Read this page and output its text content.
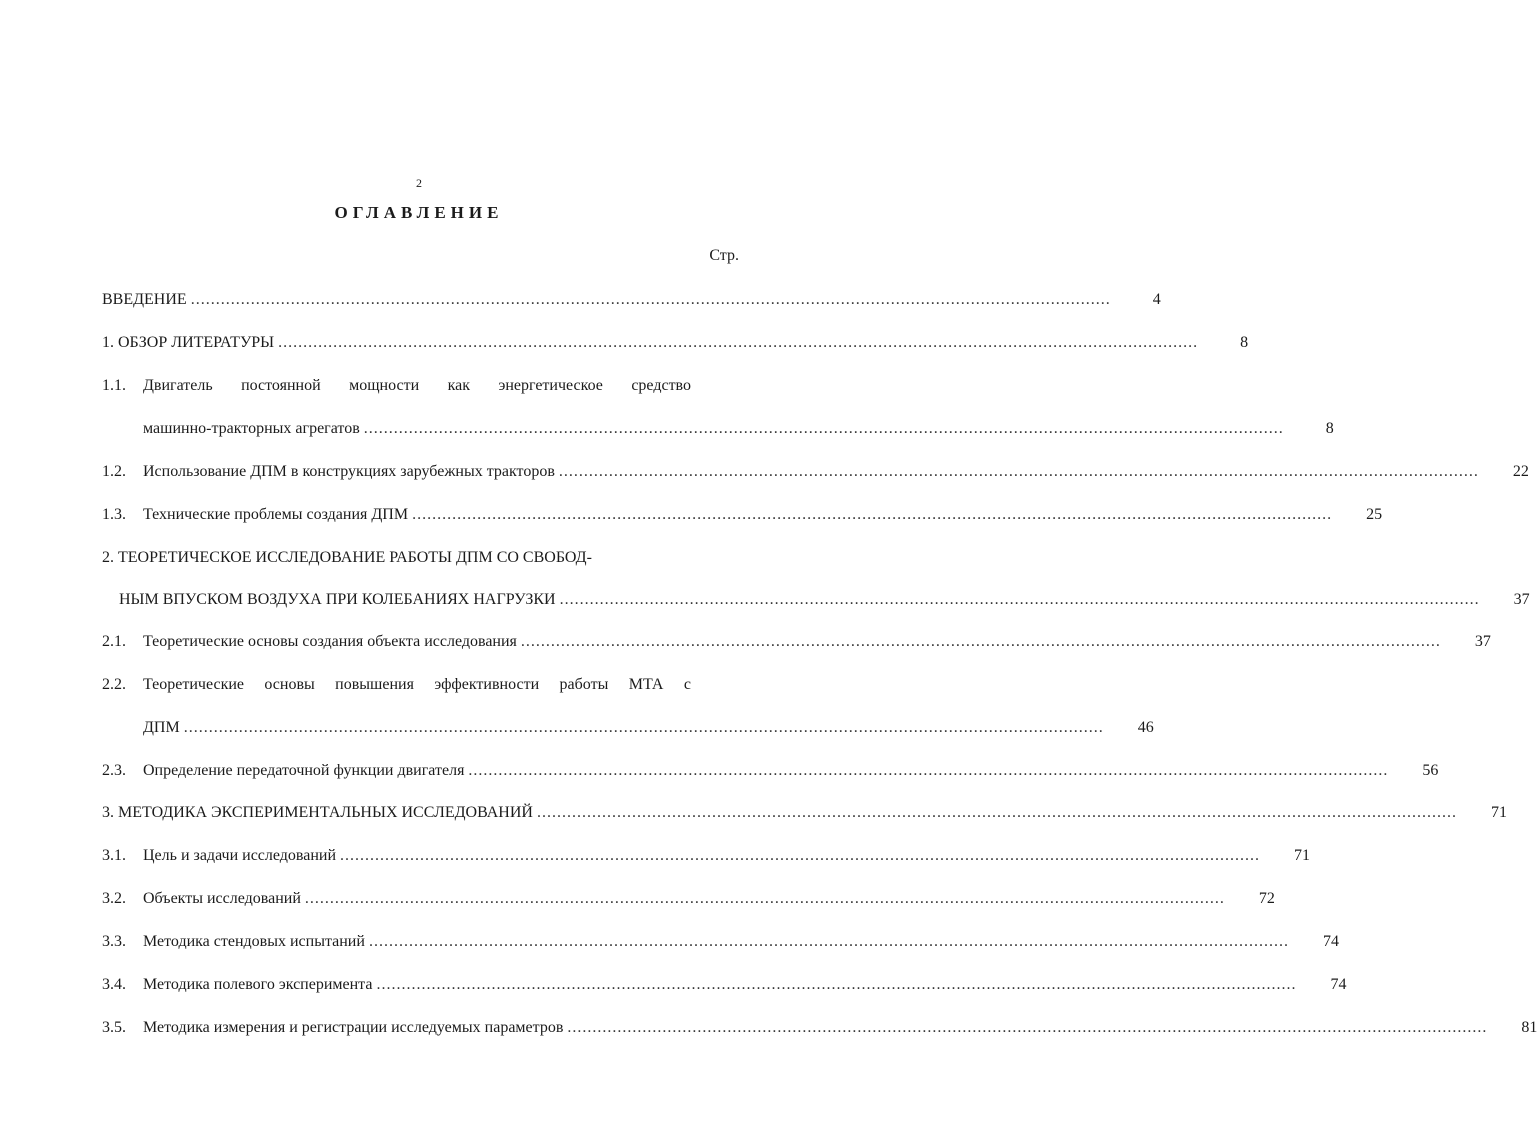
2
ОГЛАВЛЕНИЕ
Стр.
ВВЕДЕНИЕ ........................................................................................................................................................................................	4
1. ОБЗОР ЛИТЕРАТУРЫ ........................................................................................................................................................................................	8
1.1. Двигатель постоянной мощности как энергетическое средство
машинно-тракторных агрегатов ........................................................................................................................................................................................	8
1.2.	Использование ДПМ в конструкциях зарубежных тракторов ........................................................................................................................................................................................ 22
1.3.	Технические проблемы создания ДПМ ........................................................................................................................................................................................ 25
2. ТЕОРЕТИЧЕСКОЕ ИССЛЕДОВАНИЕ РАБОТЫ ДПМ СО СВОБОД-
НЫМ ВПУСКОМ ВОЗДУХА ПРИ КОЛЕБАНИЯХ НАГРУЗКИ ........................................................................................................................................................................................ 37
2.1.	Теоретические основы создания объекта исследования ........................................................................................................................................................................................ 37
2.2. Теоретические основы повышения эффективности работы МТА с
ДПМ ........................................................................................................................................................................................ 46
2.3.	Определение передаточной функции двигателя ........................................................................................................................................................................................ 56
3. МЕТОДИКА ЭКСПЕРИМЕНТАЛЬНЫХ ИССЛЕДОВАНИЙ ........................................................................................................................................................................................ 71
3.1.	Цель и задачи исследований ........................................................................................................................................................................................ 71
3.2.	Объекты исследований ........................................................................................................................................................................................ 72
3.3.	Методика стендовых испытаний ........................................................................................................................................................................................ 74
3.4.	Методика полевого эксперимента ........................................................................................................................................................................................ 74
3.5.	Методика измерения и регистрации исследуемых параметров ........................................................................................................................................................................................ 81
